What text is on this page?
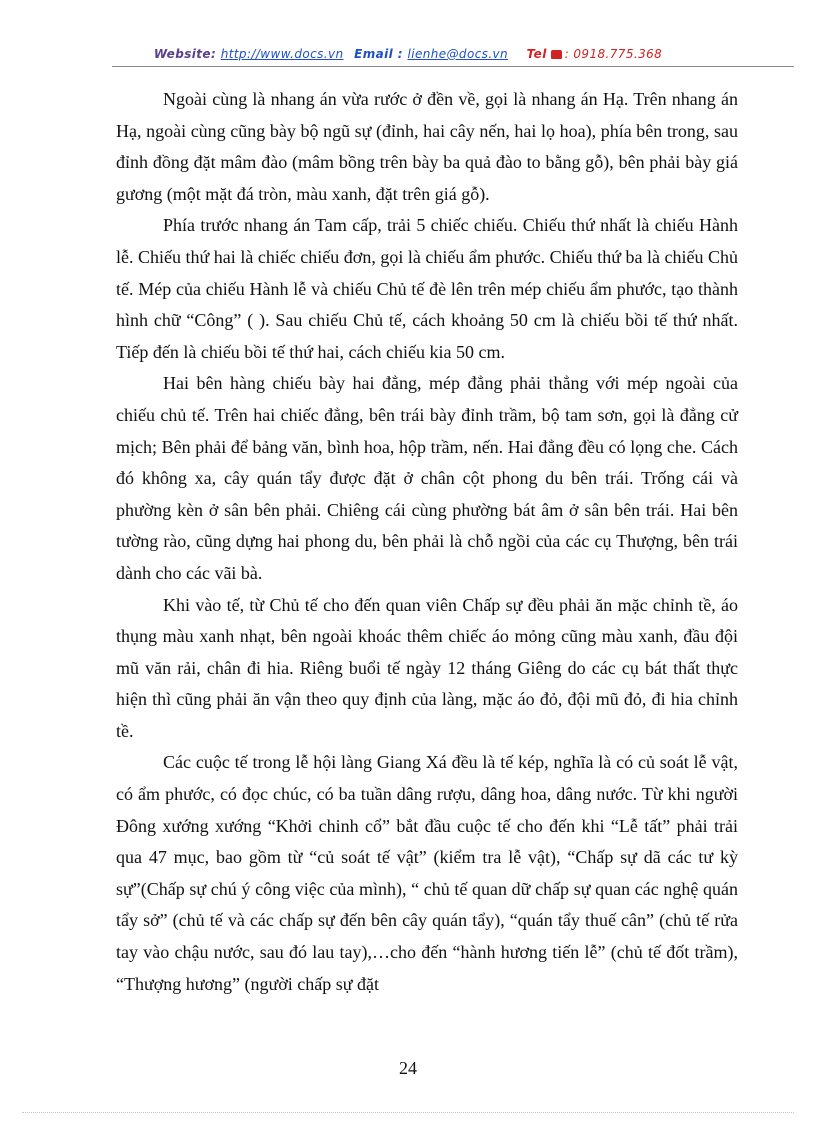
Website: http://www.docs.vn Email : lienhe@docs.vn Tel : 0918.775.368

Ngoài cùng là nhang án vừa rước ở đền về, gọi là nhang án Hạ. Trên nhang án Hạ, ngoài cùng cũng bày bộ ngũ sự (đỉnh, hai cây nến, hai lọ hoa), phía bên trong, sau đỉnh đồng đặt mâm đào (mâm bồng trên bày ba quả đào to bằng gỗ), bên phải bày giá gương (một mặt đá tròn, màu xanh, đặt trên giá gỗ).

Phía trước nhang án Tam cấp, trải 5 chiếc chiếu. Chiếu thứ nhất là chiếu Hành lễ. Chiếu thứ hai là chiếc chiếu đơn, gọi là chiếu ẩm phước. Chiếu thứ ba là chiếu Chủ tế. Mép của chiếu Hành lễ và chiếu Chủ tế đè lên trên mép chiếu ẩm phước, tạo thành hình chữ “Công” ( ). Sau chiếu Chủ tế, cách khoảng 50 cm là chiếu bồi tế thứ nhất. Tiếp đến là chiếu bồi tế thứ hai, cách chiếu kia 50 cm.

Hai bên hàng chiếu bày hai đẳng, mép đẳng phải thẳng với mép ngoài của chiếu chủ tế. Trên hai chiếc đẳng, bên trái bày đỉnh trầm, bộ tam sơn, gọi là đẳng cử mịch; Bên phải để bảng văn, bình hoa, hộp trầm, nến. Hai đẳng đều có lọng che. Cách đó không xa, cây quán tẩy được đặt ở chân cột phong du bên trái. Trống cái và phường kèn ở sân bên phải. Chiêng cái cùng phường bát âm ở sân bên trái. Hai bên tường rào, cũng dựng hai phong du, bên phải là chỗ ngồi của các cụ Thượng, bên trái dành cho các vãi bà.

Khi vào tế, từ Chủ tế cho đến quan viên Chấp sự đều phải ăn mặc chỉnh tề, áo thụng màu xanh nhạt, bên ngoài khoác thêm chiếc áo mỏng cũng màu xanh, đầu đội mũ văn rải, chân đi hia. Riêng buổi tế ngày 12 tháng Giêng do các cụ bát thất thực hiện thì cũng phải ăn vận theo quy định của làng, mặc áo đỏ, đội mũ đỏ, đi hia chỉnh tề.

Các cuộc tế trong lễ hội làng Giang Xá đều là tế kép, nghĩa là có củ soát lễ vật, có ẩm phước, có đọc chúc, có ba tuần dâng rượu, dâng hoa, dâng nước. Từ khi người Đông xướng xướng “Khởi chinh cổ” bắt đầu cuộc tế cho đến khi “Lễ tất” phải trải qua 47 mục, bao gồm từ “củ soát tế vật” (kiểm tra lễ vật), “Chấp sự dã các tư kỳ sự”(Chấp sự chú ý công việc của mình), “ chủ tế quan dữ chấp sự quan các nghệ quán tẩy sở” (chủ tế và các chấp sự đến bên cây quán tẩy), “quán tẩy thuế cân” (chủ tế rửa tay vào chậu nước, sau đó lau tay),…cho đến “hành hương tiến lễ” (chủ tế đốt trầm), “Thượng hương” (người chấp sự đặt

24
